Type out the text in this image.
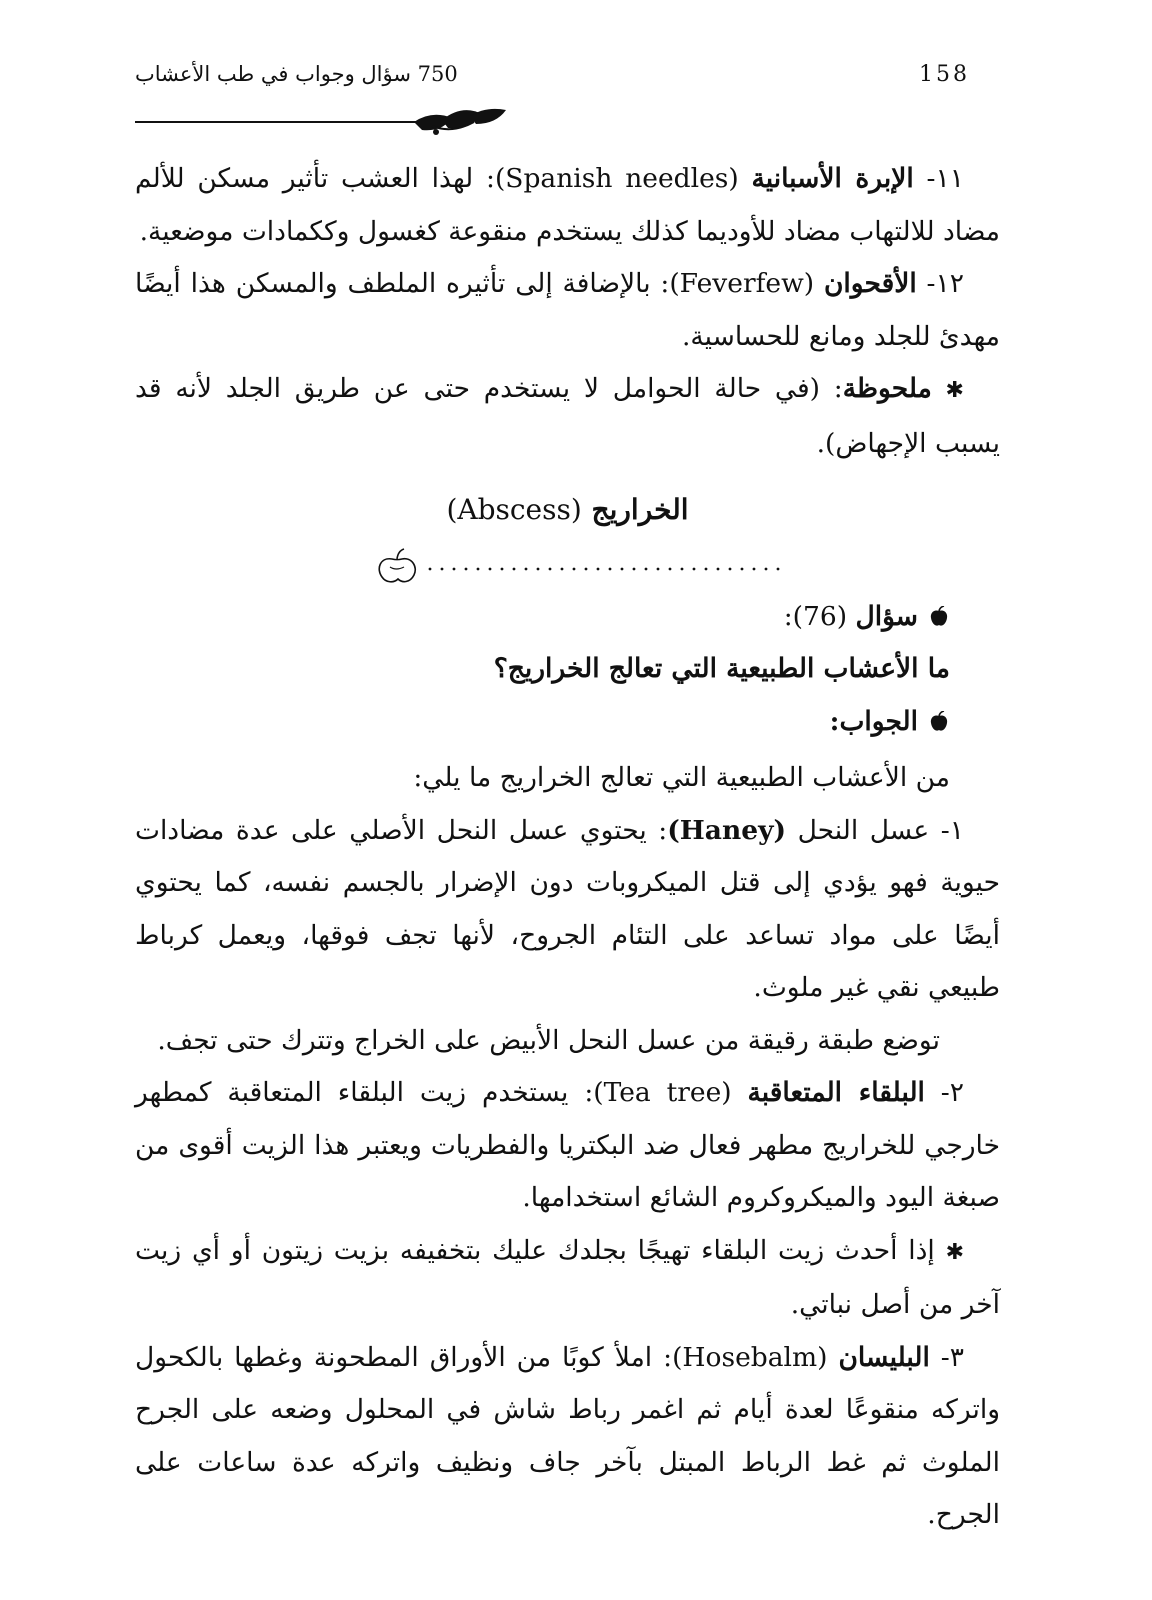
750 سؤال وجواب في طب الأعشاب	158

١١- الإبرة الأسبانية (Spanish needles): لهذا العشب تأثير مسكن للألم مضاد للالتهاب مضاد للأوديما كذلك يستخدم منقوعة كغسول وككمادات موضعية.

١٢- الأقحوان (Feverfew): بالإضافة إلى تأثيره الملطف والمسكن هذا أيضًا مهدئ للجلد ومانع للحساسية.

✱ ملحوظة: (في حالة الحوامل لا يستخدم حتى عن طريق الجلد لأنه قد يسبب الإجهاض).

الخراريج (Abscess)

سؤال (76):

ما الأعشاب الطبيعية التي تعالج الخراريج؟

الجواب:

من الأعشاب الطبيعية التي تعالج الخراريج ما يلي:

١- عسل النحل (Haney): يحتوي عسل النحل الأصلي على عدة مضادات حيوية فهو يؤدي إلى قتل الميكروبات دون الإضرار بالجسم نفسه، كما يحتوي أيضًا على مواد تساعد على التئام الجروح، لأنها تجف فوقها، ويعمل كرباط طبيعي نقي غير ملوث.

توضع طبقة رقيقة من عسل النحل الأبيض على الخراج وتترك حتى تجف.

٢- البلقاء المتعاقبة (Tea tree): يستخدم زيت البلقاء المتعاقبة كمطهر خارجي للخراريج مطهر فعال ضد البكتريا والفطريات ويعتبر هذا الزيت أقوى من صبغة اليود والميكروكروم الشائع استخدامها.

✱ إذا أحدث زيت البلقاء تهيجًا بجلدك عليك بتخفيفه بزيت زيتون أو أي زيت آخر من أصل نباتي.

٣- البليسان (Hosebalm): املأ كوبًا من الأوراق المطحونة وغطها بالكحول واتركه منقوعًا لعدة أيام ثم اغمر رباط شاش في المحلول وضعه على الجرح الملوث ثم غط الرباط المبتل بآخر جاف ونظيف واتركه عدة ساعات على الجرح.
